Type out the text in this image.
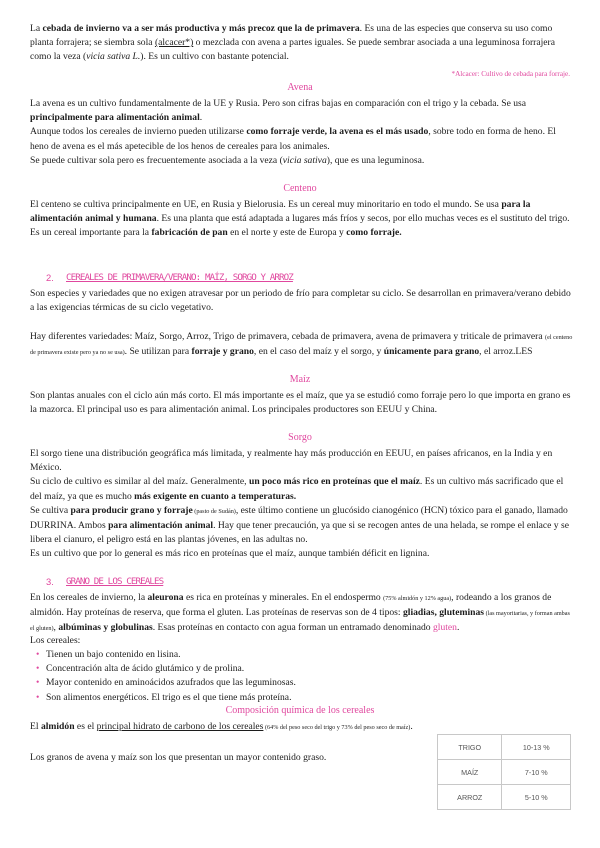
La cebada de invierno va a ser más productiva y más precoz que la de primavera. Es una de las especies que conserva su uso como planta forrajera; se siembra sola (alcacer*) o mezclada con avena a partes iguales. Se puede sembrar asociada a una leguminosa forrajera como la veza (vicia sativa L.). Es un cultivo con bastante potencial.

*Alcacer: Cultivo de cebada para forraje.

Avena

La avena es un cultivo fundamentalmente de la UE y Rusia. Pero son cifras bajas en comparación con el trigo y la cebada. Se usa principalmente para alimentación animal.
Aunque todos los cereales de invierno pueden utilizarse como forraje verde, la avena es el más usado, sobre todo en forma de heno. El heno de avena es el más apetecible de los henos de cereales para los animales.
Se puede cultivar sola pero es frecuentemente asociada a la veza (vicia sativa), que es una leguminosa.

Centeno

El centeno se cultiva principalmente en UE, en Rusia y Bielorusia. Es un cereal muy minoritario en todo el mundo. Se usa para la alimentación animal y humana. Es una planta que está adaptada a lugares más fríos y secos, por ello muchas veces es el sustituto del trigo. Es un cereal importante para la fabricación de pan en el norte y este de Europa y como forraje.

2. CEREALES DE PRIMAVERA/VERANO: MAÍZ, SORGO Y ARROZ

Son especies y variedades que no exigen atravesar por un periodo de frío para completar su ciclo. Se desarrollan en primavera/verano debido a las exigencias térmicas de su ciclo vegetativo.

Hay diferentes variedades: Maíz, Sorgo, Arroz, Trigo de primavera, cebada de primavera, avena de primavera y triticale de primavera (el centeno de primavera existe pero ya no se usa). Se utilizan para forraje y grano, en el caso del maíz y el sorgo, y únicamente para grano, el arroz.LES

Maíz

Son plantas anuales con el ciclo aún más corto. El más importante es el maíz, que ya se estudió como forraje pero lo que importa en grano es la mazorca. El principal uso es para alimentación animal. Los principales productores son EEUU y China.

Sorgo

El sorgo tiene una distribución geográfica más limitada, y realmente hay más producción en EEUU, en países africanos, en la India y en México.
Su ciclo de cultivo es similar al del maíz. Generalmente, un poco más rico en proteínas que el maíz. Es un cultivo más sacrificado que el del maíz, ya que es mucho más exigente en cuanto a temperaturas.
Se cultiva para producir grano y forraje (pasto de Sudán), este último contiene un glucósido cianogénico (HCN) tóxico para el ganado, llamado DURRINA. Ambos para alimentación animal. Hay que tener precaución, ya que si se recogen antes de una helada, se rompe el enlace y se libera el cianuro, el peligro está en las plantas jóvenes, en las adultas no.
Es un cultivo que por lo general es más rico en proteínas que el maíz, aunque también déficit en lignina.

3. GRANO DE LOS CEREALES

En los cereales de invierno, la aleurona es rica en proteínas y minerales. En el endospermo (75% almidón y 12% agua), rodeando a los granos de almidón. Hay proteínas de reserva, que forma el gluten. Las proteínas de reservas son de 4 tipos: gliadias, gluteminas (las mayoritarias, y forman ambas el gluten), albúminas y globulinas. Esas proteínas en contacto con agua forman un entramado denominado gluten.

Los cereales:

• Tienen un bajo contenido en lisina.
• Concentración alta de ácido glutámico y de prolina.
• Mayor contenido en aminoácidos azufrados que las leguminosas.
• Son alimentos energéticos. El trigo es el que tiene más proteína.

Composición química de los cereales

El almidón es el principal hidrato de carbono de los cereales (64% del peso seco del trigo y 73% del peso seco de maíz).

Los granos de avena y maíz son los que presentan un mayor contenido graso.

TRIGO	10-13 %
MAÍZ	7-10 %
ARROZ	5-10 %
